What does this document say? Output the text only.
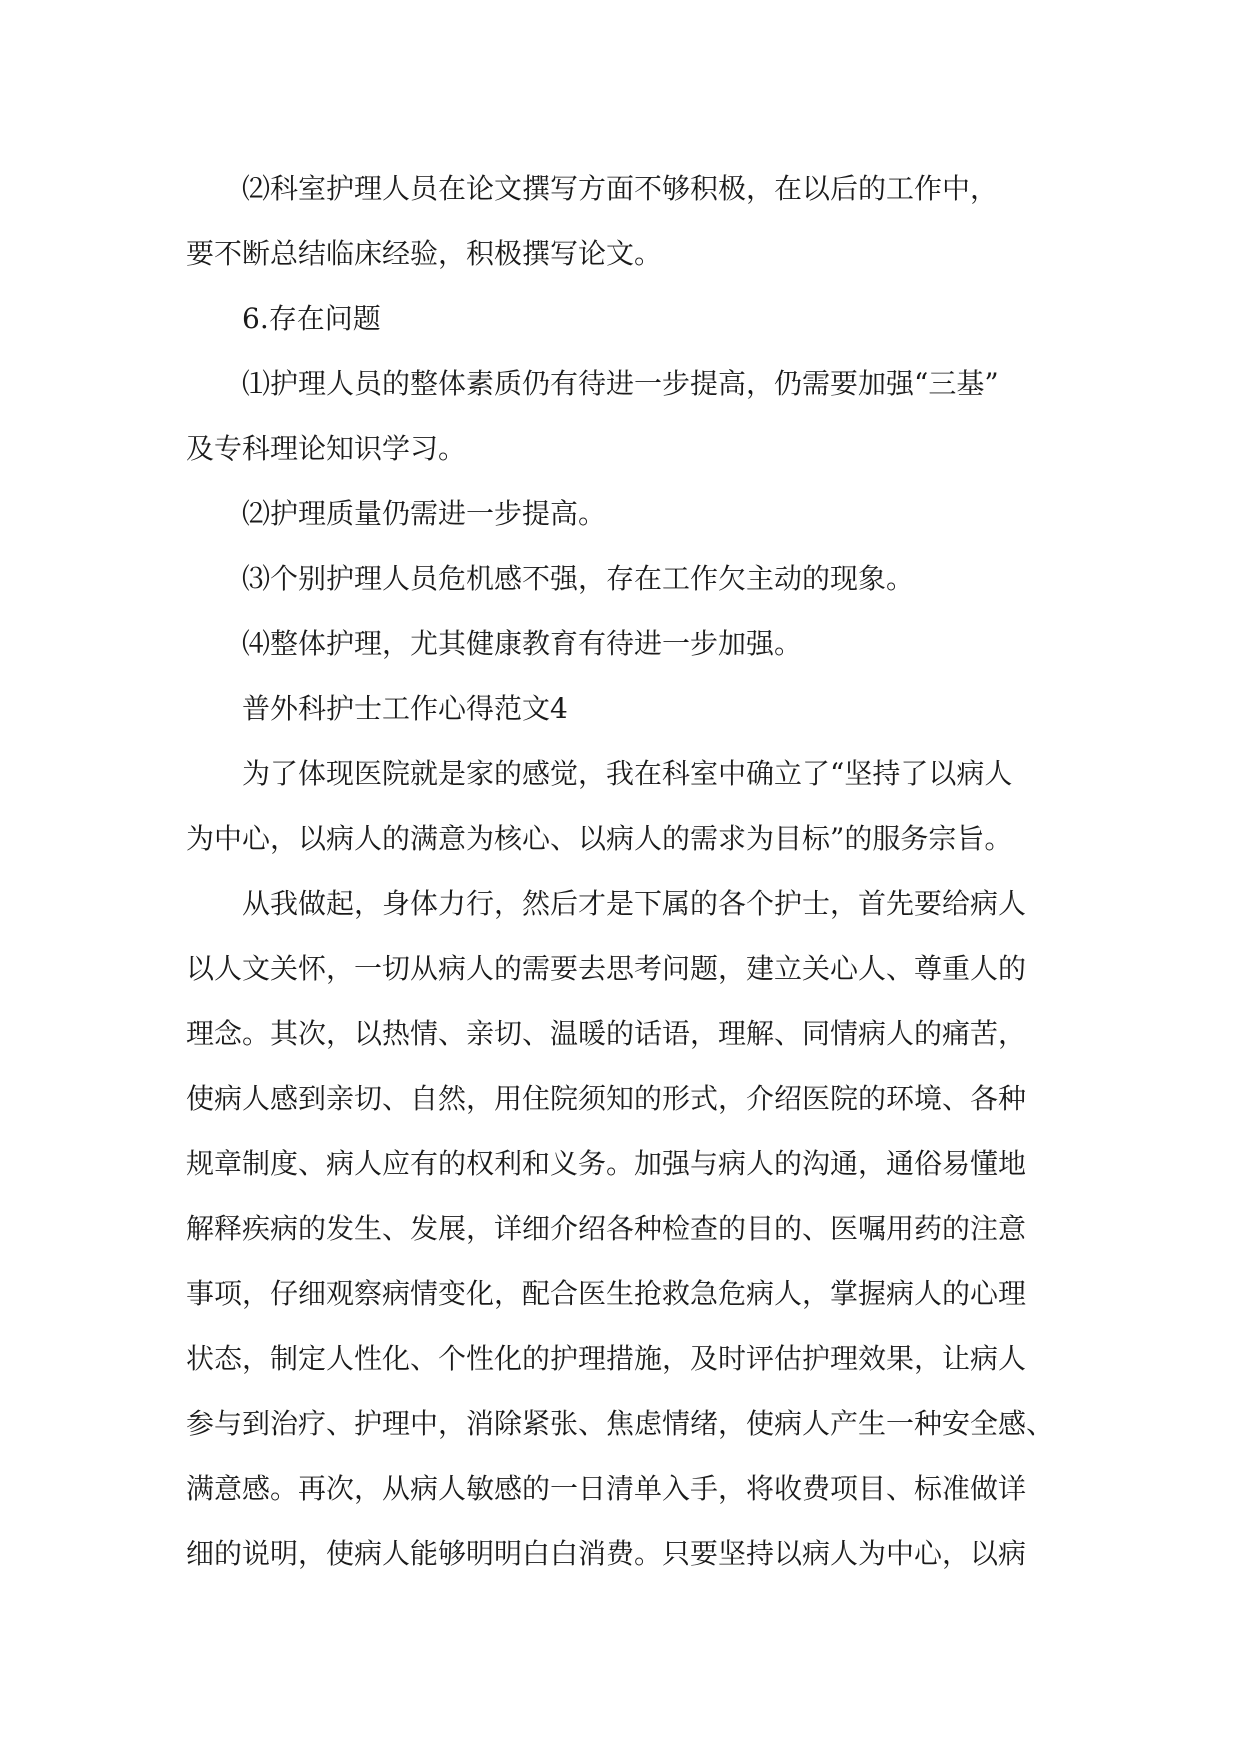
⑵科室护理人员在论文撰写方面不够积极，在以后的工作中，
要不断总结临床经验，积极撰写论文。

6.存在问题

⑴护理人员的整体素质仍有待进一步提高，仍需要加强“三基”
及专科理论知识学习。

⑵护理质量仍需进一步提高。

⑶个别护理人员危机感不强，存在工作欠主动的现象。

⑷整体护理，尤其健康教育有待进一步加强。

普外科护士工作心得范文4

为了体现医院就是家的感觉，我在科室中确立了“坚持了以病人
为中心，以病人的满意为核心、以病人的需求为目标”的服务宗旨。

从我做起，身体力行，然后才是下属的各个护士，首先要给病人
以人文关怀，一切从病人的需要去思考问题，建立关心人、尊重人的
理念。其次，以热情、亲切、温暖的话语，理解、同情病人的痛苦，
使病人感到亲切、自然，用住院须知的形式，介绍医院的环境、各种
规章制度、病人应有的权利和义务。加强与病人的沟通，通俗易懂地
解释疾病的发生、发展，详细介绍各种检查的目的、医嘱用药的注意
事项，仔细观察病情变化，配合医生抢救急危病人，掌握病人的心理
状态，制定人性化、个性化的护理措施，及时评估护理效果，让病人
参与到治疗、护理中，消除紧张、焦虑情绪，使病人产生一种安全感、
满意感。再次，从病人敏感的一日清单入手，将收费项目、标准做详
细的说明，使病人能够明明白白消费。只要坚持以病人为中心，以病
